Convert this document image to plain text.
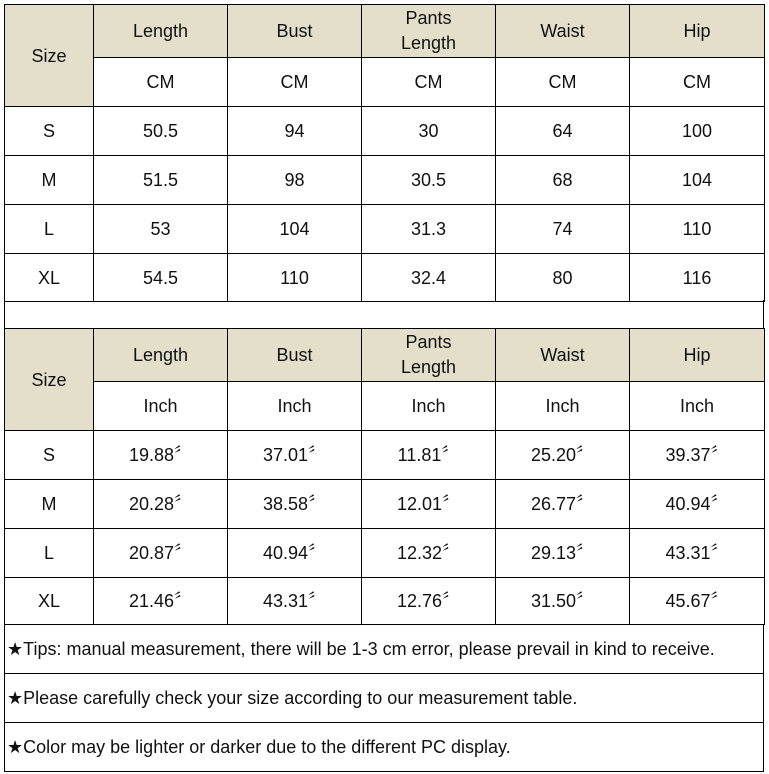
Size	Length	Bust	Pants Length	Waist	Hip
	CM	CM	CM	CM	CM
S	50.5	94	30	64	100
M	51.5	98	30.5	68	104
L	53	104	31.3	74	110
XL	54.5	110	32.4	80	116
Size	Length	Bust	Pants Length	Waist	Hip
	Inch	Inch	Inch	Inch	Inch
S	19.88〞	37.01〞	11.81〞	25.20〞	39.37〞
M	20.28〞	38.58〞	12.01〞	26.77〞	40.94〞
L	20.87〞	40.94〞	12.32〞	29.13〞	43.31〞
XL	21.46〞	43.31〞	12.76〞	31.50〞	45.67〞
★Tips: manual measurement, there will be 1-3 cm error, please prevail in kind to receive.
★Please carefully check your size according to our measurement table.
★Color may be lighter or darker due to the different PC display.
